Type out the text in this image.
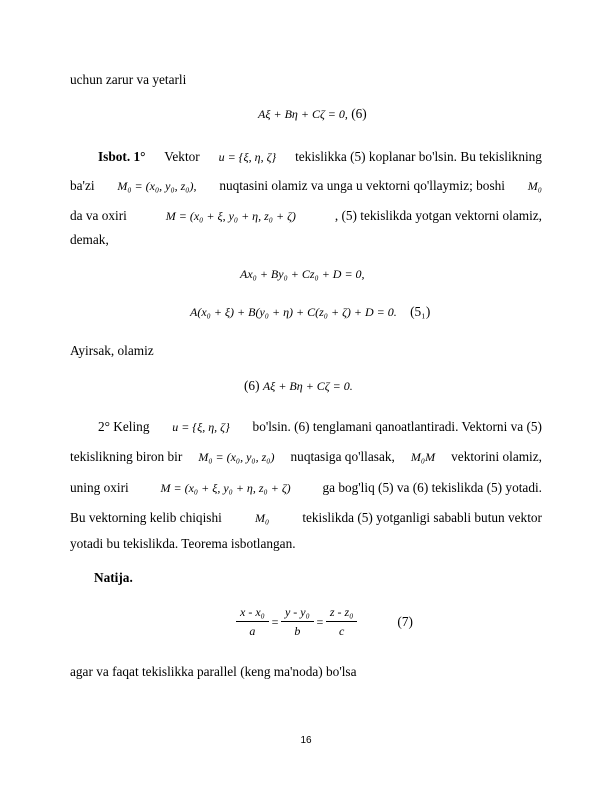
uchun zarur va yetarli
Aξ + Bη + Cζ = 0, (6)
Isbot. 1° Vektor u = {ξ, η, ζ} tekislikka (5) koplanar bo'lsin. Bu tekislikning
ba'zi M₀ = (x₀, y₀, z₀), nuqtasini olamiz va unga u vektorni qo'llaymiz; boshi M₀
da va oxiri	M = (x₀ + ξ, y₀ + η, z₀ + ζ)	, (5) tekislikda yotgan vektorni olamiz,
demak,
Ax₀ + By₀ + Cz₀ + D = 0,
A(x₀ + ξ) + B(y₀ + η) + C(z₀ + ζ) + D = 0. (5₁)
Ayirsak, olamiz
(6) Aξ + Bη + Cζ = 0.
2° Keling u = {ξ, η, ζ} bo'lsin. (6) tenglamani qanoatlantiradi. Vektorni va (5)
tekislikning biron bir M₀ = (x₀, y₀, z₀) nuqtasiga qo'llasak, M₀M vektorini olamiz,
uning oxiri	M = (x₀ + ξ, y₀ + η, z₀ + ζ) ga bog'liq (5) va (6) tekislikda (5) yotadi.
Bu vektorning kelib chiqishi	M₀ tekislikda (5) yotganligi sababli butun vektor
yotadi bu tekislikda. Teorema isbotlangan.
Natija.
$\frac{\text{x - x₀}}{a} = \frac{\text{y - y₀}}{b} = \frac{\text{z - z₀}}{c}$	(7)
agar va faqat tekislikka parallel (keng ma'noda) bo'lsa
16
